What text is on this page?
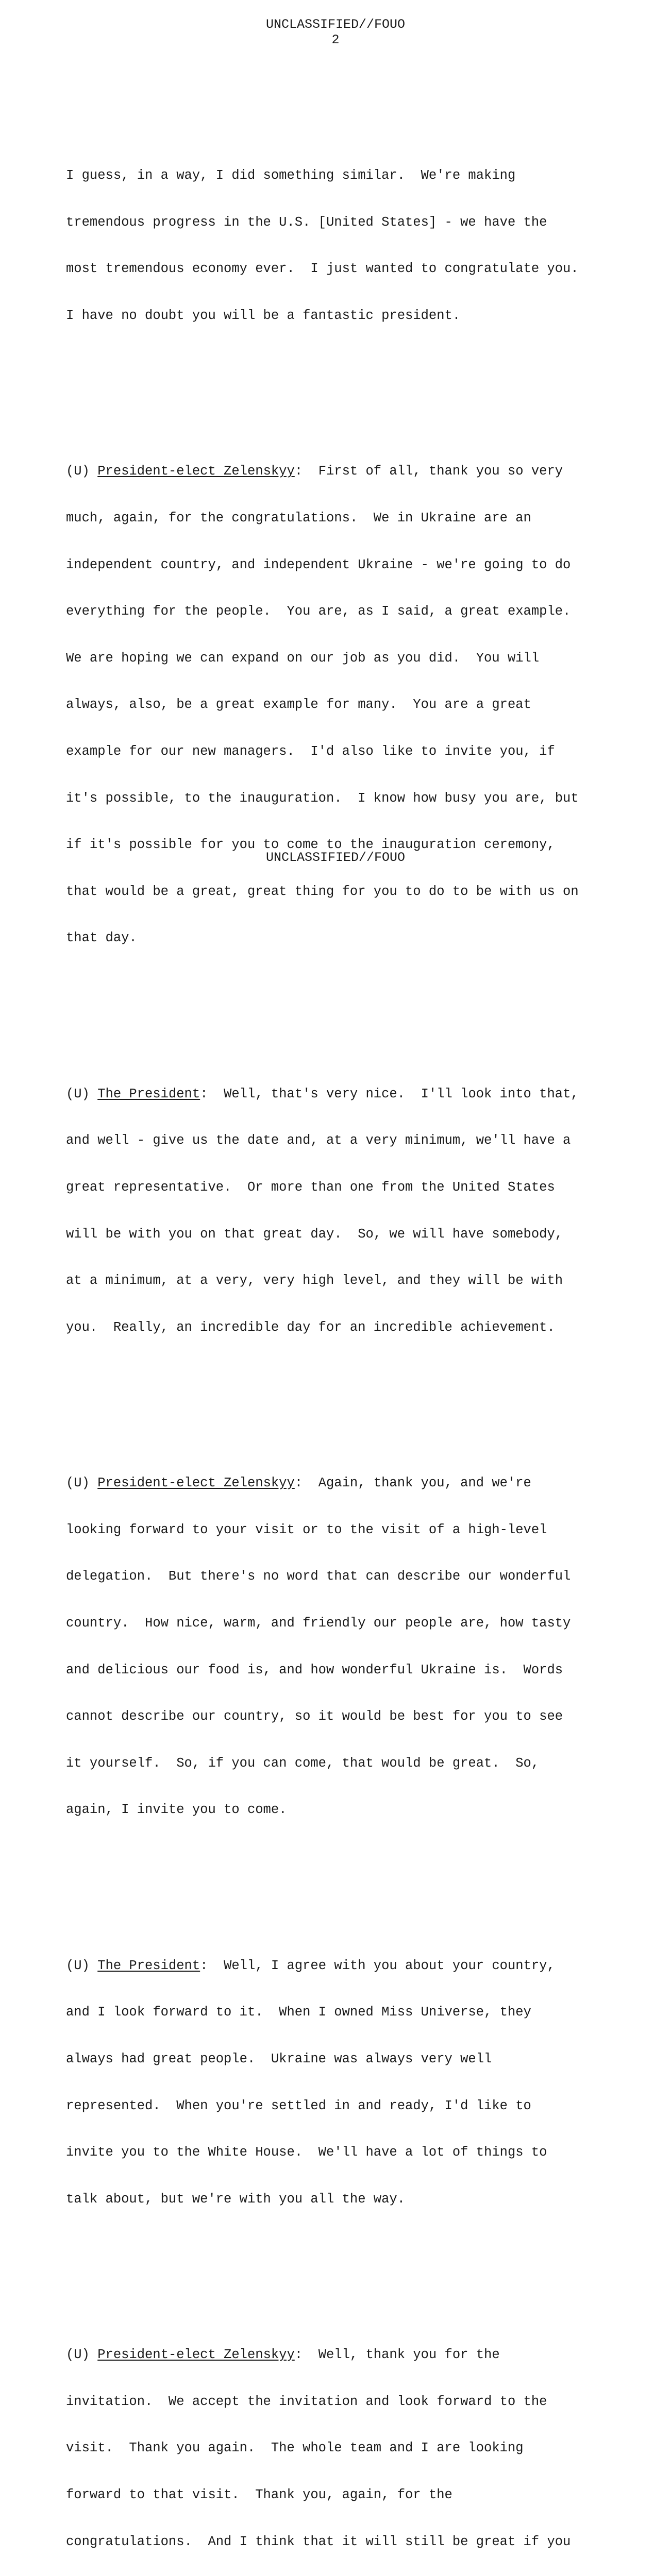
UNCLASSIFIED//FOUO
2

I guess, in a way, I did something similar.  We're making

tremendous progress in the U.S. [United States] - we have the

most tremendous economy ever.  I just wanted to congratulate you.

I have no doubt you will be a fantastic president.

(U) President-elect Zelenskyy:  First of all, thank you so very

much, again, for the congratulations.  We in Ukraine are an

independent country, and independent Ukraine - we're going to do

everything for the people.  You are, as I said, a great example.

We are hoping we can expand on our job as you did.  You will

always, also, be a great example for many.  You are a great

example for our new managers.  I'd also like to invite you, if

it's possible, to the inauguration.  I know how busy you are, but

if it's possible for you to come to the inauguration ceremony,

that would be a great, great thing for you to do to be with us on

that day.

(U) The President:  Well, that's very nice.  I'll look into that,

and well - give us the date and, at a very minimum, we'll have a

great representative.  Or more than one from the United States

will be with you on that great day.  So, we will have somebody,

at a minimum, at a very, very high level, and they will be with

you.  Really, an incredible day for an incredible achievement.

(U) President-elect Zelenskyy:  Again, thank you, and we're

looking forward to your visit or to the visit of a high-level

delegation.  But there's no word that can describe our wonderful

country.  How nice, warm, and friendly our people are, how tasty

and delicious our food is, and how wonderful Ukraine is.  Words

cannot describe our country, so it would be best for you to see

it yourself.  So, if you can come, that would be great.  So,

again, I invite you to come.

(U) The President:  Well, I agree with you about your country,

and I look forward to it.  When I owned Miss Universe, they

always had great people.  Ukraine was always very well

represented.  When you're settled in and ready, I'd like to

invite you to the White House.  We'll have a lot of things to

talk about, but we're with you all the way.

(U) President-elect Zelenskyy:  Well, thank you for the

invitation.  We accept the invitation and look forward to the

visit.  Thank you again.  The whole team and I are looking

forward to that visit.  Thank you, again, for the

congratulations.  And I think that it will still be great if you

UNCLASSIFIED//FOUO
